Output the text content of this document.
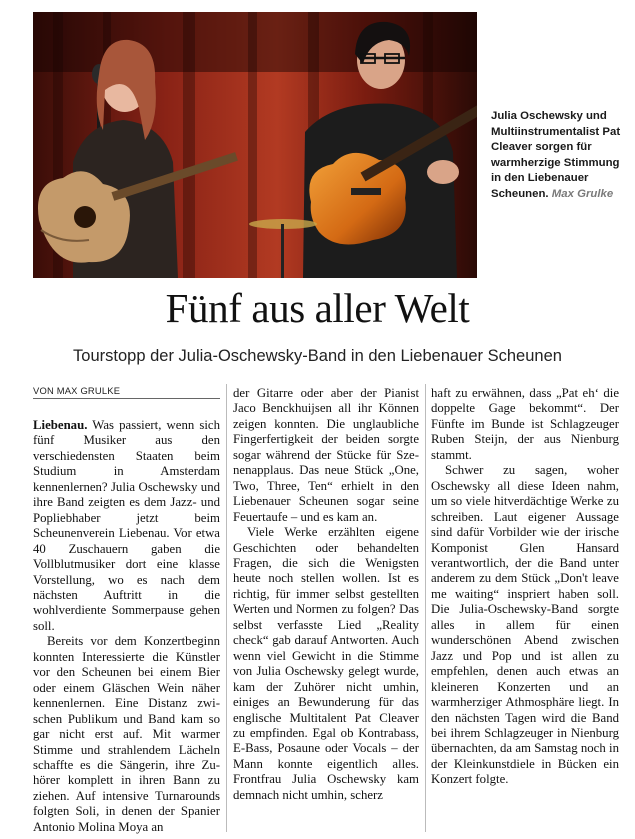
Julia Oschewsky und Multiinstrumentalist Pat Cleaver sorgen für warmherzige Stimmung in den Liebenauer Scheunen. Max Grulke
Fünf aus aller Welt
Tourstopp der Julia-Oschewsky-Band in den Liebenauer Scheunen
VON MAX GRULKE

Liebenau. Was passiert, wenn sich fünf Musiker aus den verschiedensten Staaten beim Studium in Amsterdam kennenlernen? Julia Oschewsky und ihre Band zeigten es dem Jazz- und Popliebhaber jetzt beim Scheunenverein Liebenau. Vor etwa 40 Zuschauern gaben die Vollblutmusiker dort eine klasse Vorstellung, wo es nach dem nächsten Auftritt in die wohlverdiente Sommerpause gehen soll.

Bereits vor dem Konzertbeginn konnten Interessierte die Künstler vor den Scheunen bei einem Bier oder einem Gläschen Wein näher kennenlernen. Eine Distanz zwischen Publikum und Band kam so gar nicht erst auf. Mit warmer Stimme und strahlendem Lächeln schaffte es die Sängerin, ihre Zuhörer komplett in ihren Bann zu ziehen. Auf intensive Turnarounds folgten Soli, in denen der Spanier Antonio Molina Moya an

der Gitarre oder aber der Pianist Jaco Benckhuijsen all ihr Können zeigen konnten. Die unglaubliche Fingerfertigkeit der beiden sorgte sogar während der Stücke für Szenenapplaus. Das neue Stück „One, Two, Three, Ten“ erhielt in den Liebenauer Scheunen sogar seine Feuertaufe – und es kam an.

Viele Werke erzählten eigene Geschichten oder behandelten Fragen, die sich die Wenigsten heute noch stellen wollen. Ist es richtig, für immer selbst gestellten Werten und Normen zu folgen? Das selbst verfasste Lied „Reality check“ gab darauf Antworten. Auch wenn viel Gewicht in die Stimme von Julia Oschewsky gelegt wurde, kam der Zuhörer nicht umhin, einiges an Bewunderung für das englische Multitalent Pat Cleaver zu empfinden. Egal ob Kontrabass, E-Bass, Posaune oder Vocals – der Mann konnte eigentlich alles. Frontfrau Julia Oschewsky kam demnach nicht umhin, scherz

haft zu erwähnen, dass „Pat eh‘ die doppelte Gage bekommt“. Der Fünfte im Bunde ist Schlagzeuger Ruben Steijn, der aus Nienburg stammt.

Schwer zu sagen, woher Oschewsky all diese Ideen nahm, um so viele hitverdächtige Werke zu schreiben. Laut eigener Aussage sind dafür Vorbilder wie der irische Komponist Glen Hansard verantwortlich, der die Band unter anderem zu dem Stück „Don't leave me waiting“ inspriert haben soll. Die Julia-Oschewsky-Band sorgte alles in allem für einen wunderschönen Abend zwischen Jazz und Pop und ist allen zu empfehlen, denen auch etwas an kleineren Konzerten und an warmherziger Athmosphäre liegt. In den nächsten Tagen wird die Band bei ihrem Schlagzeuger in Nienburg übernachten, da am Samstag noch in der Kleinkunstdiele in Bücken ein Konzert folgte.
